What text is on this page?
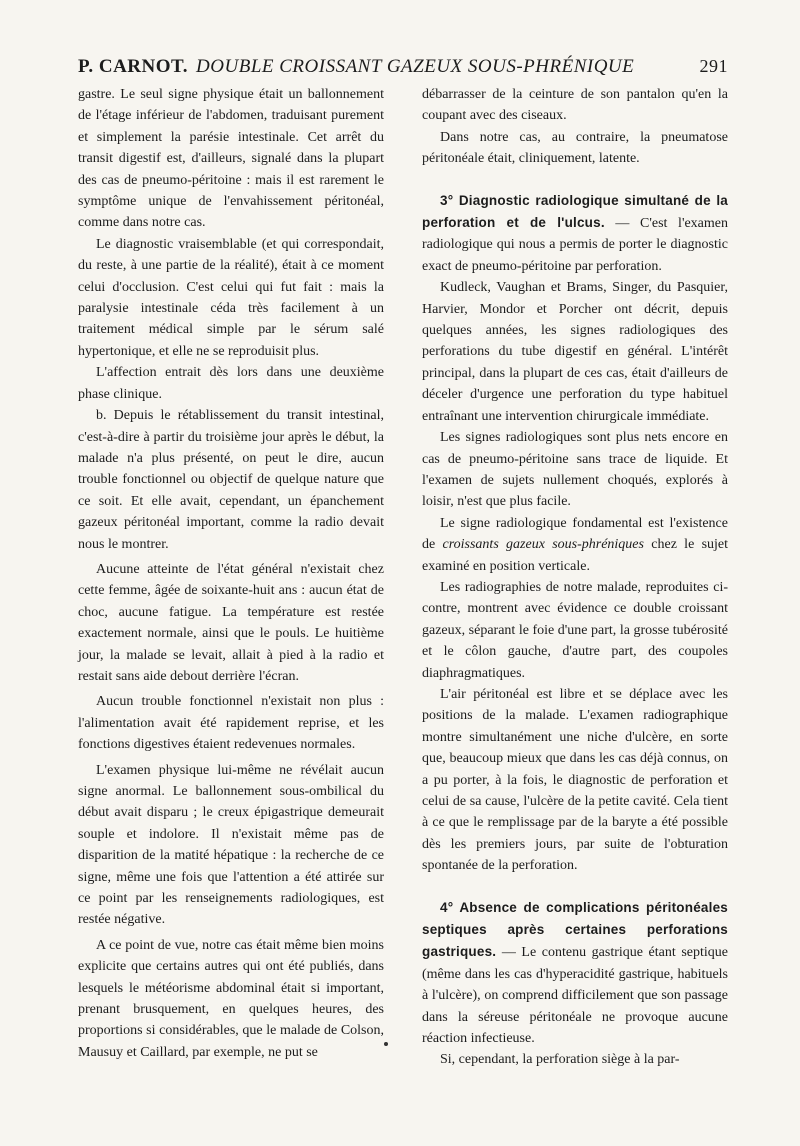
P. CARNOT. DOUBLE CROISSANT GAZEUX SOUS-PHRÉNIQUE	291

gastre. Le seul signe physique était un ballonnement de l'étage inférieur de l'abdomen, traduisant purement et simplement la parésie intestinale. Cet arrêt du transit digestif est, d'ailleurs, signalé dans la plupart des cas de pneumo-péritoine : mais il est rarement le symptôme unique de l'envahissement péritonéal, comme dans notre cas.

Le diagnostic vraisemblable (et qui correspondait, du reste, à une partie de la réalité), était à ce moment celui d'occlusion. C'est celui qui fut fait : mais la paralysie intestinale céda très facilement à un traitement médical simple par le sérum salé hypertonique, et elle ne se reproduisit plus.

L'affection entrait dès lors dans une deuxième phase clinique.

b. Depuis le rétablissement du transit intestinal, c'est-à-dire à partir du troisième jour après le début, la malade n'a plus présenté, on peut le dire, aucun trouble fonctionnel ou objectif de quelque nature que ce soit. Et elle avait, cependant, un épanchement gazeux péritonéal important, comme la radio devait nous le montrer.

Aucune atteinte de l'état général n'existait chez cette femme, âgée de soixante-huit ans : aucun état de choc, aucune fatigue. La température est restée exactement normale, ainsi que le pouls. Le huitième jour, la malade se levait, allait à pied à la radio et restait sans aide debout derrière l'écran.

Aucun trouble fonctionnel n'existait non plus : l'alimentation avait été rapidement reprise, et les fonctions digestives étaient redevenues normales.

L'examen physique lui-même ne révélait aucun signe anormal. Le ballonnement sous-ombilical du début avait disparu ; le creux épigastrique demeurait souple et indolore. Il n'existait même pas de disparition de la matité hépatique : la recherche de ce signe, même une fois que l'attention a été attirée sur ce point par les renseignements radiologiques, est restée négative.

A ce point de vue, notre cas était même bien moins explicite que certains autres qui ont été publiés, dans lesquels le météorisme abdominal était si important, prenant brusquement, en quelques heures, des proportions si considérables, que le malade de Colson, Mausuy et Caillard, par exemple, ne put se

débarrasser de la ceinture de son pantalon qu'en la coupant avec des ciseaux.

Dans notre cas, au contraire, la pneumatose péritonéale était, cliniquement, latente.

3° Diagnostic radiologique simultané de la perforation et de l'ulcus. — C'est l'examen radiologique qui nous a permis de porter le diagnostic exact de pneumo-péritoine par perforation.

Kudleck, Vaughan et Brams, Singer, du Pasquier, Harvier, Mondor et Porcher ont décrit, depuis quelques années, les signes radiologiques des perforations du tube digestif en général. L'intérêt principal, dans la plupart de ces cas, était d'ailleurs de déceler d'urgence une perforation du type habituel entraînant une intervention chirurgicale immédiate.

Les signes radiologiques sont plus nets encore en cas de pneumo-péritoine sans trace de liquide. Et l'examen de sujets nullement choqués, explorés à loisir, n'est que plus facile.

Le signe radiologique fondamental est l'existence de croissants gazeux sous-phréniques chez le sujet examiné en position verticale.

Les radiographies de notre malade, reproduites ci-contre, montrent avec évidence ce double croissant gazeux, séparant le foie d'une part, la grosse tubérosité et le côlon gauche, d'autre part, des coupoles diaphragmatiques.

L'air péritonéal est libre et se déplace avec les positions de la malade. L'examen radiographique montre simultanément une niche d'ulcère, en sorte que, beaucoup mieux que dans les cas déjà connus, on a pu porter, à la fois, le diagnostic de perforation et celui de sa cause, l'ulcère de la petite cavité. Cela tient à ce que le remplissage par de la baryte a été possible dès les premiers jours, par suite de l'obturation spontanée de la perforation.

4° Absence de complications péritonéales septiques après certaines perforations gastriques. — Le contenu gastrique étant septique (même dans les cas d'hyperacidité gastrique, habituels à l'ulcère), on comprend difficilement que son passage dans la séreuse péritonéale ne provoque aucune réaction infectieuse.

Si, cependant, la perforation siège à la par-
